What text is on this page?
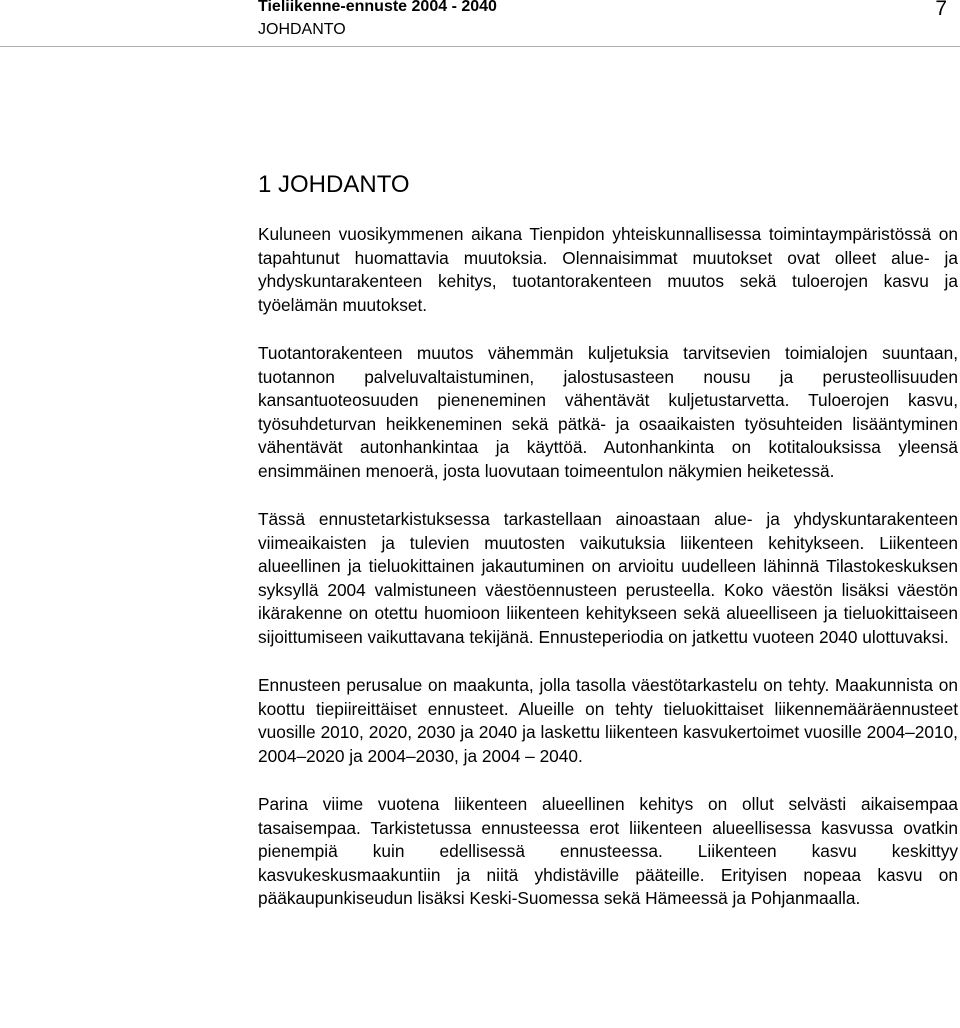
Tieliikenne-ennuste 2004 - 2040
JOHDANTO
7
1 JOHDANTO

Kuluneen vuosikymmenen aikana Tienpidon yhteiskunnallisessa toimintaympäristössä on tapahtunut huomattavia muutoksia. Olennaisimmat muutokset ovat olleet alue- ja yhdyskuntarakenteen kehitys, tuotantorakenteen muutos sekä tuloerojen kasvu ja työelämän muutokset.

Tuotantorakenteen muutos vähemmän kuljetuksia tarvitsevien toimialojen suuntaan, tuotannon palveluvaltaistuminen, jalostusasteen nousu ja perusteollisuuden kansantuoteosuuden pieneneminen vähentävät kuljetustarvetta. Tuloerojen kasvu, työsuhdeturvan heikkeneminen sekä pätkä- ja osaaikaisten työsuhteiden lisääntyminen vähentävät autonhankintaa ja käyttöä. Autonhankinta on kotitalouksissa yleensä ensimmäinen menoerä, josta luovutaan toimeentulon näkymien heiketessä.

Tässä ennustetarkistuksessa tarkastellaan ainoastaan alue- ja yhdyskuntarakenteen viimeaikaisten ja tulevien muutosten vaikutuksia liikenteen kehitykseen. Liikenteen alueellinen ja tieluokittainen jakautuminen on arvioitu uudelleen lähinnä Tilastokeskuksen syksyllä 2004 valmistuneen väestöennusteen perusteella. Koko väestön lisäksi väestön ikärakenne on otettu huomioon liikenteen kehitykseen sekä alueelliseen ja tieluokittaiseen sijoittumiseen vaikuttavana tekijänä. Ennusteperiodia on jatkettu vuoteen 2040 ulottuvaksi.

Ennusteen perusalue on maakunta, jolla tasolla väestötarkastelu on tehty. Maakunnista on koottu tiepiireittäiset ennusteet. Alueille on tehty tieluokittaiset liikennemääräennusteet vuosille 2010, 2020, 2030 ja 2040 ja laskettu liikenteen kasvukertoimet vuosille 2004–2010, 2004–2020 ja 2004–2030, ja 2004 – 2040.

Parina viime vuotena liikenteen alueellinen kehitys on ollut selvästi aikaisempaa tasaisempaa. Tarkistetussa ennusteessa erot liikenteen alueellisessa kasvussa ovatkin pienempiä kuin edellisessä ennusteessa. Liikenteen kasvu keskittyy kasvukeskusmaakuntiin ja niitä yhdistäville pääteille. Erityisen nopeaa kasvu on pääkaupunkiseudun lisäksi Keski-Suomessa sekä Hämeessä ja Pohjanmaalla.
